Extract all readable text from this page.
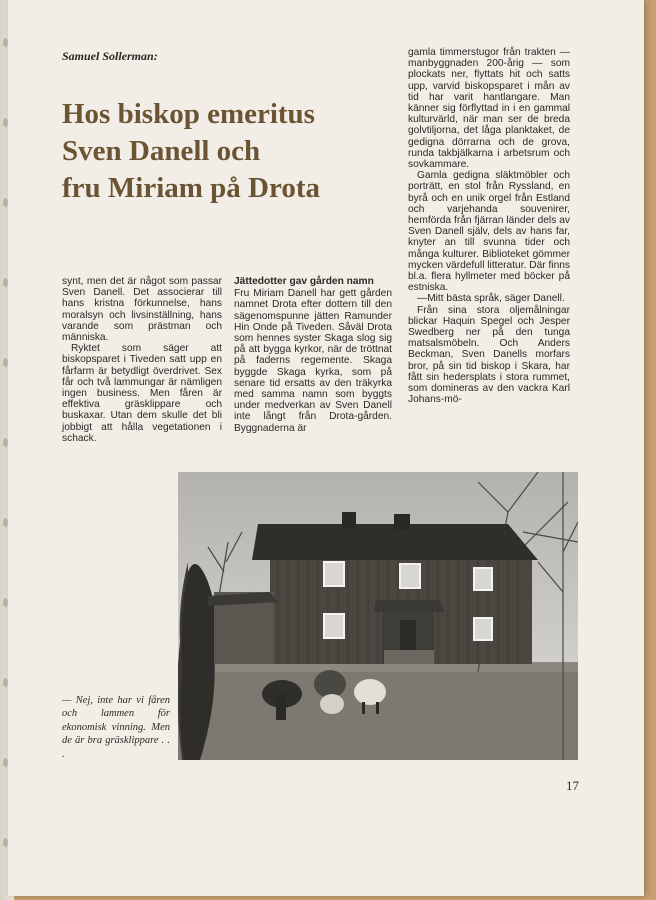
Samuel Sollerman:
Hos biskop emeritus
Sven Danell och
fru Miriam på Drota

gamla timmerstugor från trakten — manbyggnaden 200-årig — som plockats ner, flyttats hit och satts upp, varvid biskopsparet i mån av tid har varit hantlangare. Man känner sig förflyttad in i en gammal kulturvärld, när man ser de breda golvtiljorna, det låga planktaket, de gedigna dörrarna och de grova, runda takbjälkarna i arbetsrum och sovkammare.

Gamla gedigna släktmöbler och porträtt, en stol från Ryssland, en byrå och en unik orgel från Estland och varjehanda souvenirer, hemförda från fjärran länder dels av Sven Danell själv, dels av hans far, knyter an till svunna tider och många kulturer. Biblioteket gömmer mycken värdefull litteratur. Där finns bl.a. flera hyllmeter med böcker på estniska.

—Mitt bästa språk, säger Danell.

Från sina stora oljemålningar blickar Haquin Spegel och Jesper Swedberg ner på den tunga matsalsmöbeln. Och Anders Beckman, Sven Danells morfars bror, på sin tid biskop i Skara, har fått sin hedersplats i stora rummet, som domineras av den vackra Karl Johans-mö-

synt, men det är något som passar Sven Danell. Det associerar till hans kristna förkunnelse, hans moralsyn och livsinställning, hans varande som prästman och människa.

Ryktet som säger att biskopsparet i Tiveden satt upp en fårfarm är betydligt överdrivet. Sex får och två lammungar är nämligen ingen business. Men fåren är effektiva gräsklippare och buskaxar. Utan dem skulle det bli jobbigt att hålla vegetationen i schack.

Jättedotter gav gården namn

Fru Miriam Danell har gett gården namnet Drota efter dottern till den sägenomspunne jätten Ramunder Hin Onde på Tiveden. Såväl Drota som hennes syster Skaga slog sig på att bygga kyrkor, när de tröttnat på faderns regemente. Skaga byggde Skaga kyrka, som på senare tid ersatts av den träkyrka med samma namn som byggts under medverkan av Sven Danell inte långt från Drota-gården. Byggnaderna är

— Nej, inte har vi fåren och lammen för ekonomisk vinning. Men de är bra gräsklippare . . .
17
